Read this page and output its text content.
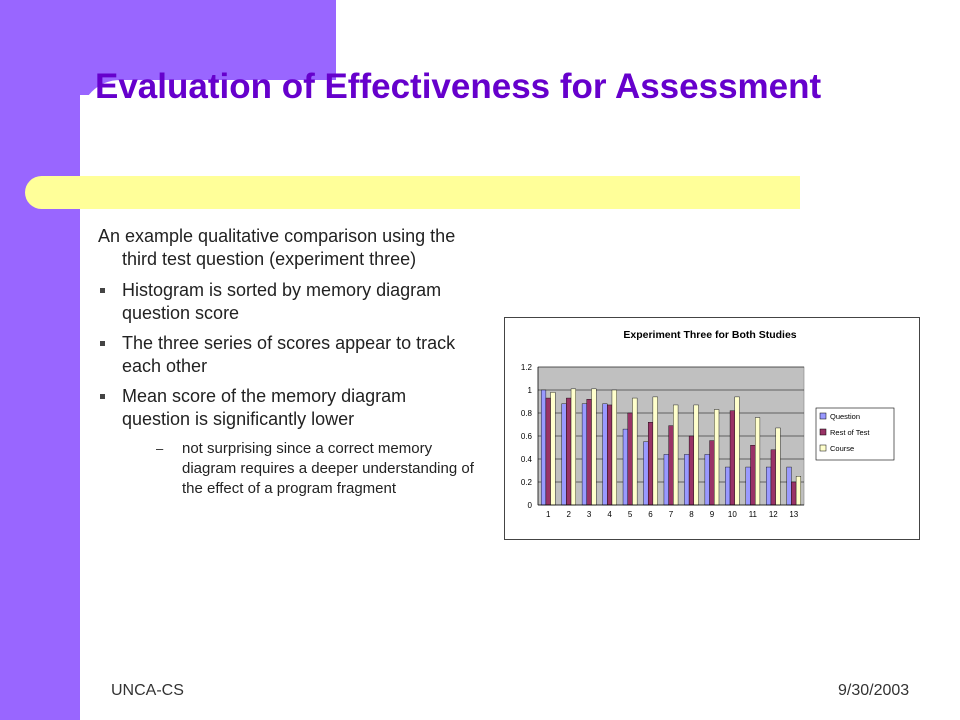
Evaluation of Effectiveness for Assessment

An example qualitative comparison using the third test question (experiment three)

Histogram is sorted by memory diagram question score
The three series of scores appear to track each other
Mean score of the memory diagram question is significantly lower
– not surprising since a correct memory diagram requires a deeper understanding of the effect of a program fragment
Experiment Three for Both Studies
0
0.2
0.4
0.6
0.8
1
1.2
1 2 3 4 5 6 7 8 9 10 11 12 13
Question
Rest of Test
Course
UNCA-CS	9/30/2003
